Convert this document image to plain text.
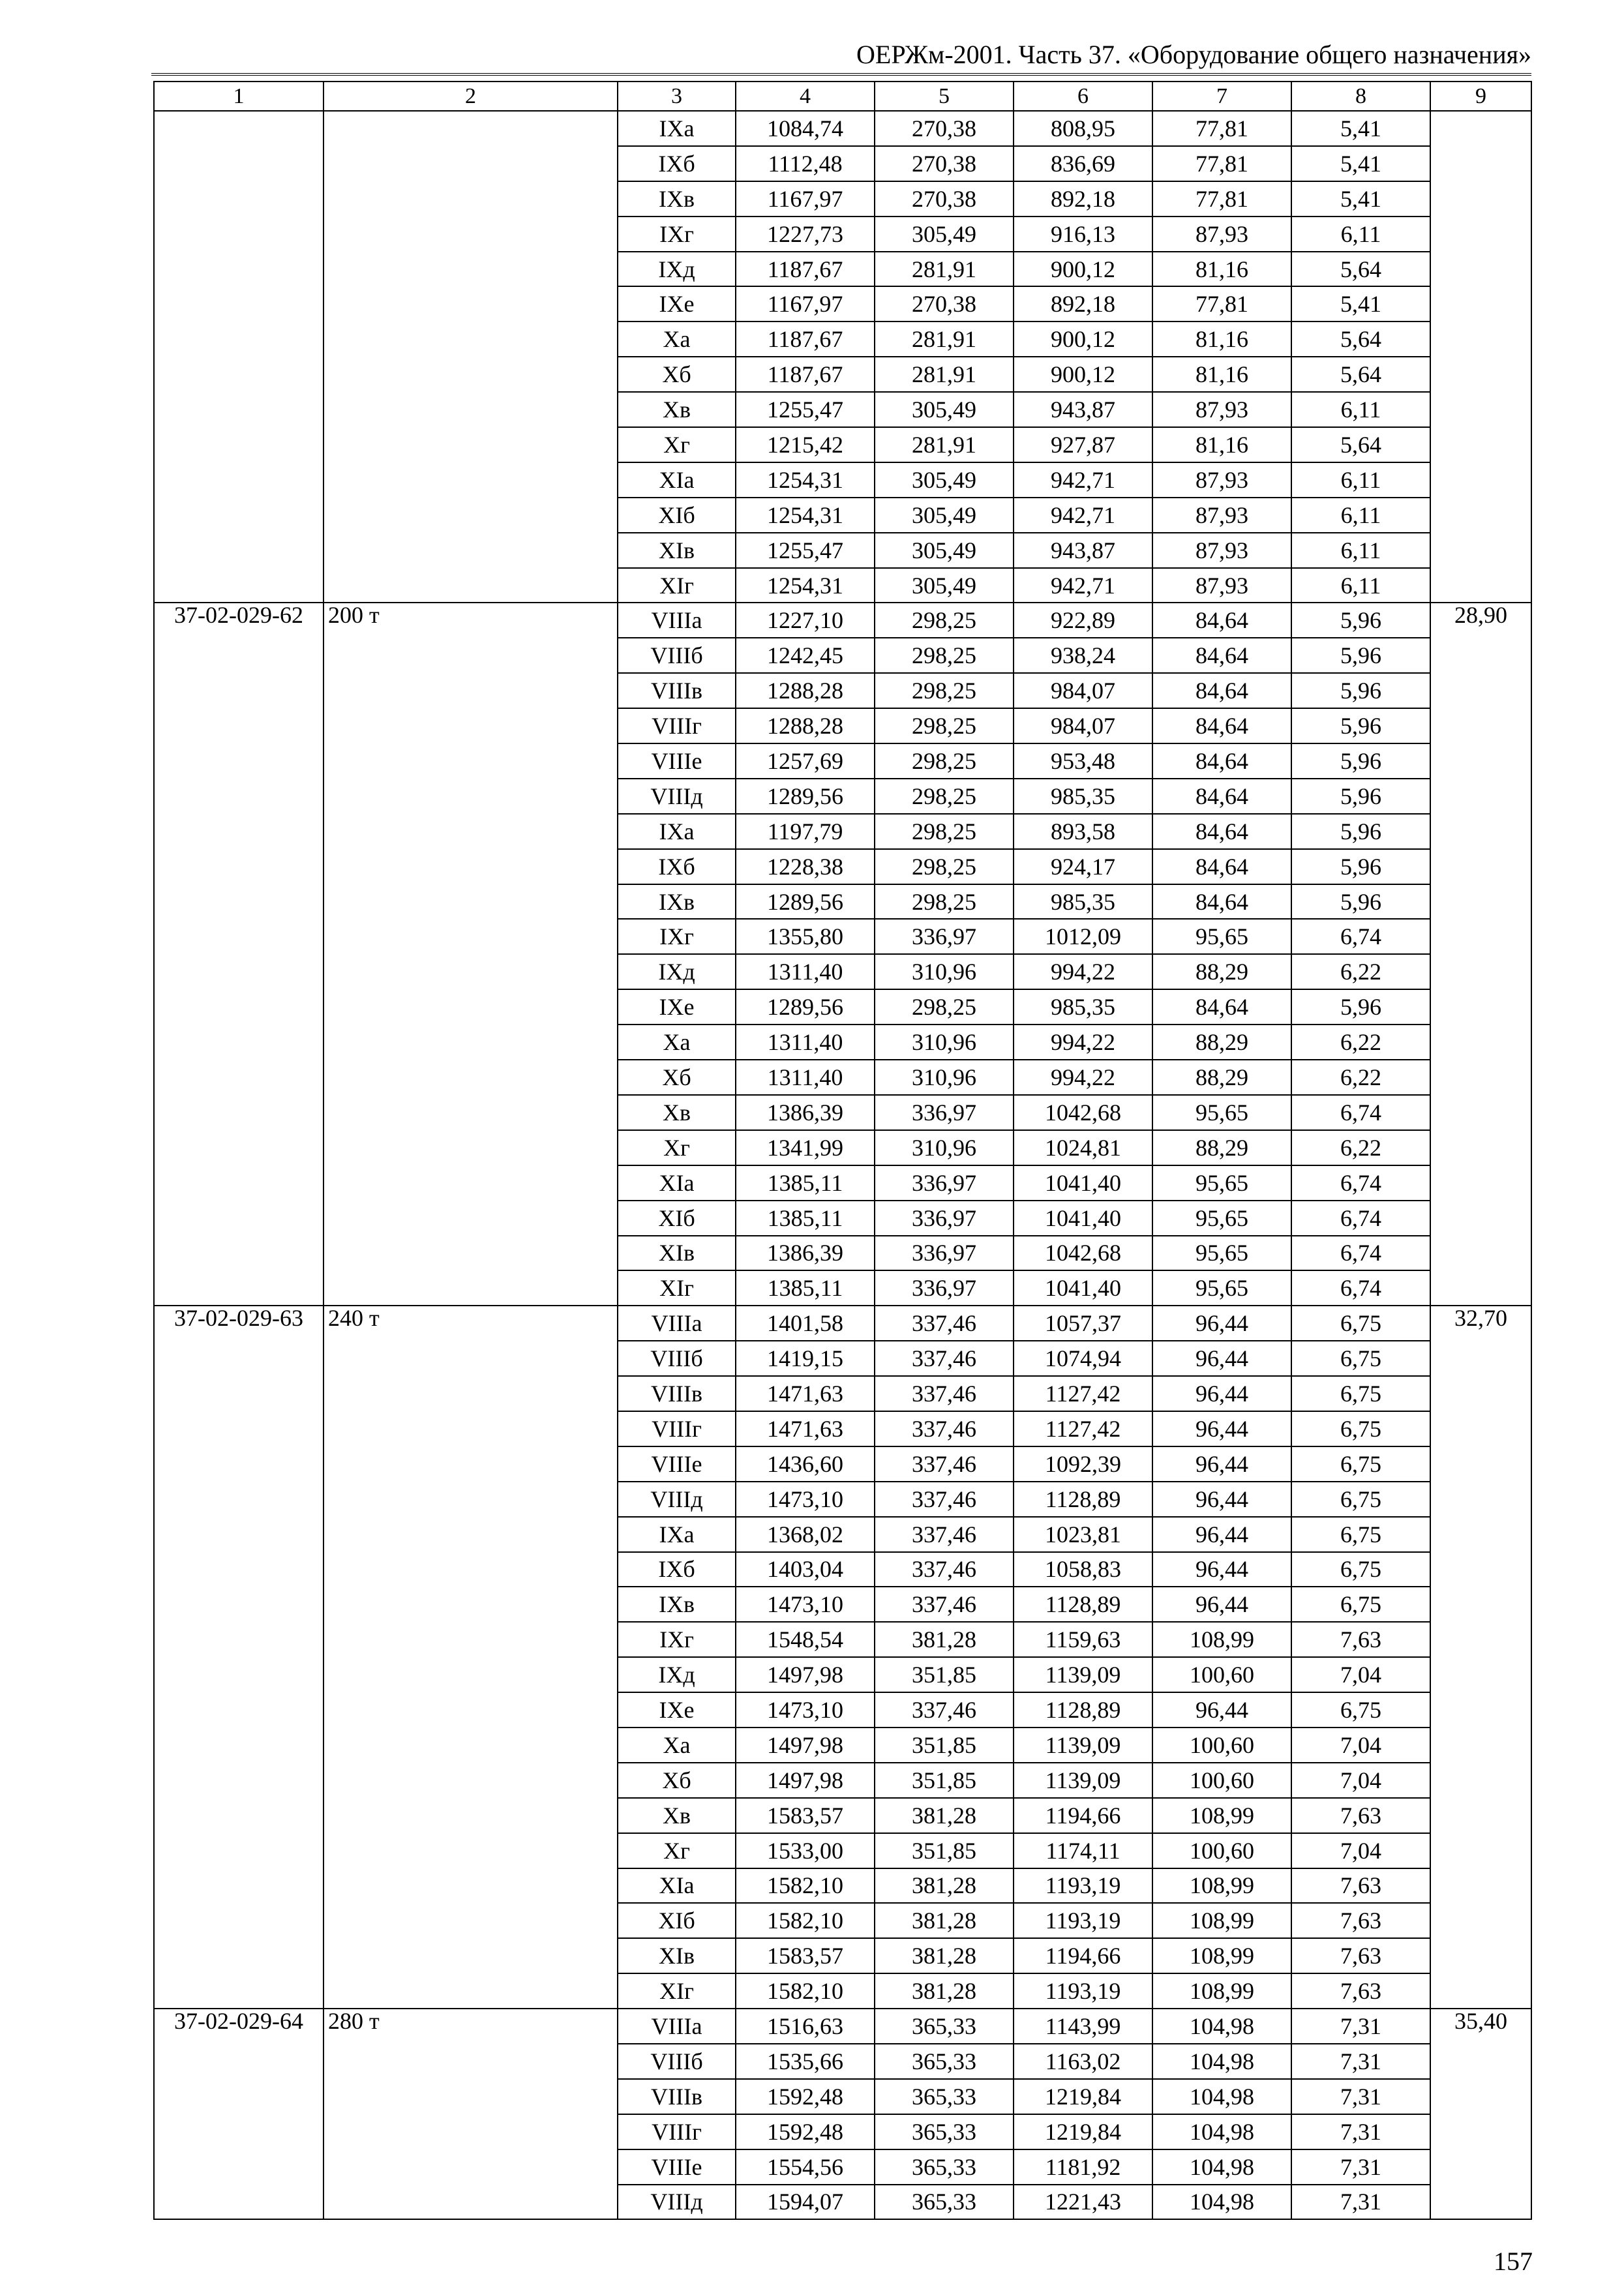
ОЕРЖм-2001. Часть 37. «Оборудование общего назначения»
1	2	3	4	5	6	7	8	9
		IXa	1084,74	270,38	808,95	77,81	5,41	
		IXб	1112,48	270,38	836,69	77,81	5,41	
		IXв	1167,97	270,38	892,18	77,81	5,41	
		IXг	1227,73	305,49	916,13	87,93	6,11	
		IXд	1187,67	281,91	900,12	81,16	5,64	
		IXe	1167,97	270,38	892,18	77,81	5,41	
		Xa	1187,67	281,91	900,12	81,16	5,64	
		Xб	1187,67	281,91	900,12	81,16	5,64	
		Xв	1255,47	305,49	943,87	87,93	6,11	
		Xг	1215,42	281,91	927,87	81,16	5,64	
		XIa	1254,31	305,49	942,71	87,93	6,11	
		XIб	1254,31	305,49	942,71	87,93	6,11	
		XIв	1255,47	305,49	943,87	87,93	6,11	
		XIг	1254,31	305,49	942,71	87,93	6,11	
37-02-029-62	200 т	VIIIa	1227,10	298,25	922,89	84,64	5,96	28,90
		VIIIб	1242,45	298,25	938,24	84,64	5,96	
		VIIIв	1288,28	298,25	984,07	84,64	5,96	
		VIIIг	1288,28	298,25	984,07	84,64	5,96	
		VIIIe	1257,69	298,25	953,48	84,64	5,96	
		VIIIд	1289,56	298,25	985,35	84,64	5,96	
		IXa	1197,79	298,25	893,58	84,64	5,96	
		IXб	1228,38	298,25	924,17	84,64	5,96	
		IXв	1289,56	298,25	985,35	84,64	5,96	
		IXг	1355,80	336,97	1012,09	95,65	6,74	
		IXд	1311,40	310,96	994,22	88,29	6,22	
		IXe	1289,56	298,25	985,35	84,64	5,96	
		Xa	1311,40	310,96	994,22	88,29	6,22	
		Xб	1311,40	310,96	994,22	88,29	6,22	
		Xв	1386,39	336,97	1042,68	95,65	6,74	
		Xг	1341,99	310,96	1024,81	88,29	6,22	
		XIa	1385,11	336,97	1041,40	95,65	6,74	
		XIб	1385,11	336,97	1041,40	95,65	6,74	
		XIв	1386,39	336,97	1042,68	95,65	6,74	
		XIг	1385,11	336,97	1041,40	95,65	6,74	
37-02-029-63	240 т	VIIIa	1401,58	337,46	1057,37	96,44	6,75	32,70
		VIIIб	1419,15	337,46	1074,94	96,44	6,75	
		VIIIв	1471,63	337,46	1127,42	96,44	6,75	
		VIIIг	1471,63	337,46	1127,42	96,44	6,75	
		VIIIe	1436,60	337,46	1092,39	96,44	6,75	
		VIIIд	1473,10	337,46	1128,89	96,44	6,75	
		IXa	1368,02	337,46	1023,81	96,44	6,75	
		IXб	1403,04	337,46	1058,83	96,44	6,75	
		IXв	1473,10	337,46	1128,89	96,44	6,75	
		IXг	1548,54	381,28	1159,63	108,99	7,63	
		IXд	1497,98	351,85	1139,09	100,60	7,04	
		IXe	1473,10	337,46	1128,89	96,44	6,75	
		Xa	1497,98	351,85	1139,09	100,60	7,04	
		Xб	1497,98	351,85	1139,09	100,60	7,04	
		Xв	1583,57	381,28	1194,66	108,99	7,63	
		Xг	1533,00	351,85	1174,11	100,60	7,04	
		XIa	1582,10	381,28	1193,19	108,99	7,63	
		XIб	1582,10	381,28	1193,19	108,99	7,63	
		XIв	1583,57	381,28	1194,66	108,99	7,63	
		XIг	1582,10	381,28	1193,19	108,99	7,63	
37-02-029-64	280 т	VIIIa	1516,63	365,33	1143,99	104,98	7,31	35,40
		VIIIб	1535,66	365,33	1163,02	104,98	7,31	
		VIIIв	1592,48	365,33	1219,84	104,98	7,31	
		VIIIг	1592,48	365,33	1219,84	104,98	7,31	
		VIIIe	1554,56	365,33	1181,92	104,98	7,31	
		VIIIд	1594,07	365,33	1221,43	104,98	7,31	
157
